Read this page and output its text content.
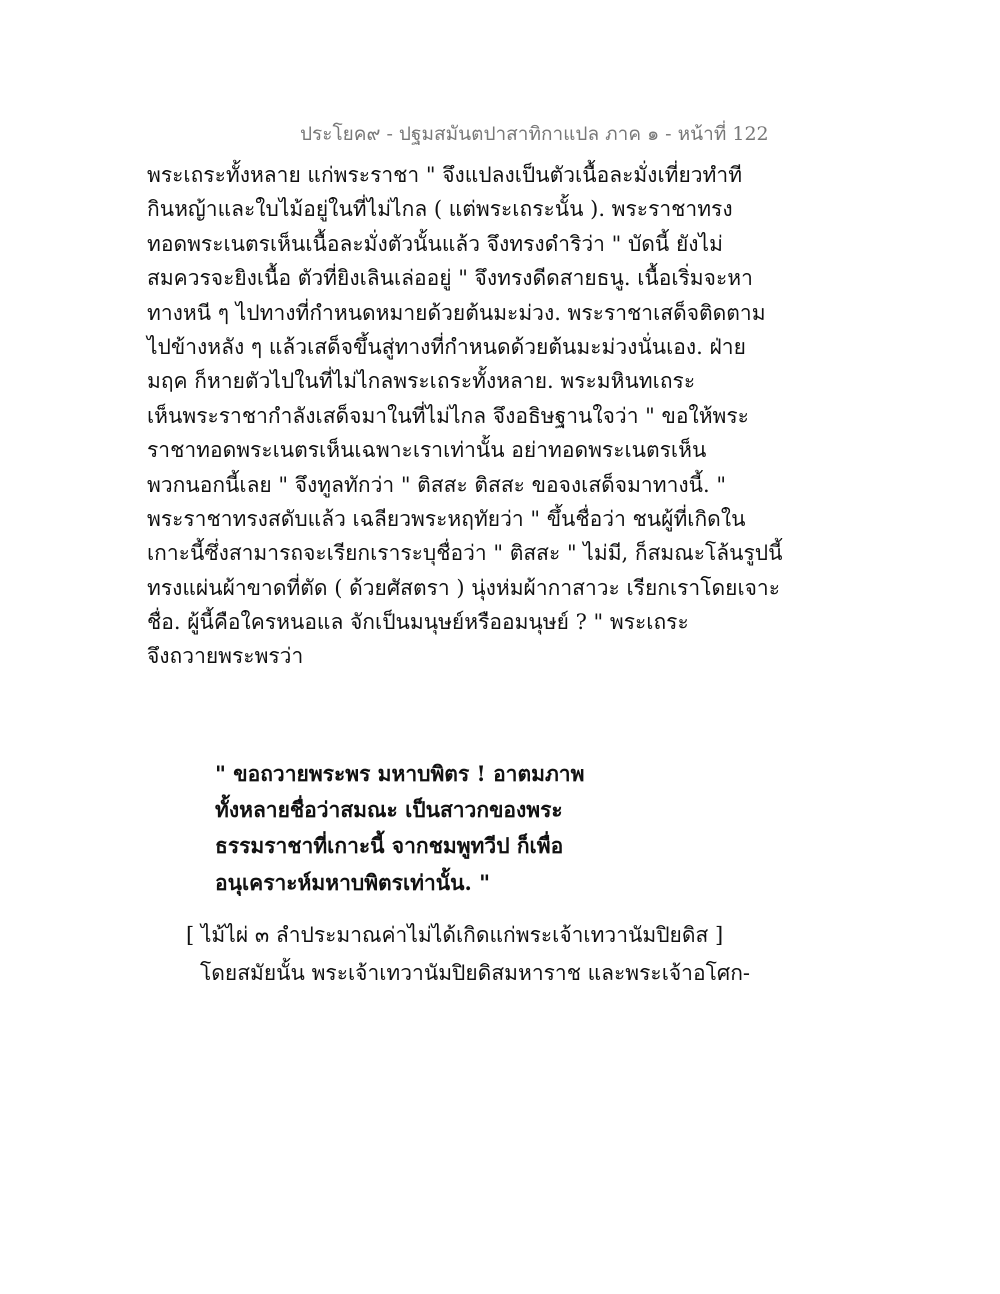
ประโยค๙ - ปฐมสมันตปาสาทิกาแปล ภาค ๑ - หน้าที่ 122
พระเถระทั้งหลาย แก่พระราชา " จึงแปลงเป็นตัวเนื้อละมั่งเที่ยวทำที
กินหญ้าและใบไม้อยู่ในที่ไม่ไกล ( แต่พระเถระนั้น ). พระราชาทรง
ทอดพระเนตรเห็นเนื้อละมั่งตัวนั้นแล้ว จึงทรงดำริว่า " บัดนี้ ยังไม่
สมควรจะยิงเนื้อ ตัวที่ยิงเลินเล่ออยู่ " จึงทรงดีดสายธนู. เนื้อเริ่มจะหา
ทางหนี ๆ ไปทางที่กำหนดหมายด้วยต้นมะม่วง. พระราชาเสด็จติดตาม
ไปข้างหลัง ๆ แล้วเสด็จขึ้นสู่ทางที่กำหนดด้วยต้นมะม่วงนั่นเอง. ฝ่าย
มฤค ก็หายตัวไปในที่ไม่ไกลพระเถระทั้งหลาย. พระมหินทเถระ
เห็นพระราชากำลังเสด็จมาในที่ไม่ไกล จึงอธิษฐานใจว่า " ขอให้พระ
ราชาทอดพระเนตรเห็นเฉพาะเราเท่านั้น อย่าทอดพระเนตรเห็น
พวกนอกนี้เลย " จึงทูลทักว่า " ติสสะ ติสสะ ขอจงเสด็จมาทางนี้. "
พระราชาทรงสดับแล้ว เฉลียวพระหฤทัยว่า " ขึ้นชื่อว่า ชนผู้ที่เกิดใน
เกาะนี้ซึ่งสามารถจะเรียกเราระบุชื่อว่า " ติสสะ " ไม่มี, ก็สมณะโล้นรูปนี้
ทรงแผ่นผ้าขาดที่ตัด ( ด้วยศัสตรา ) นุ่งห่มผ้ากาสาวะ เรียกเราโดยเจาะ
ชื่อ. ผู้นี้คือใครหนอแล จักเป็นมนุษย์หรืออมนุษย์ ? " พระเถระ
จึงถวายพระพรว่า
" ขอถวายพระพร มหาบพิตร ! อาตมภาพ
ทั้งหลายชื่อว่าสมณะ เป็นสาวกของพระ
ธรรมราชาที่เกาะนี้ จากชมพูทวีป ก็เพื่อ
อนุเคราะห์มหาบพิตรเท่านั้น. "
[ ไม้ไผ่ ๓ ลำประมาณค่าไม่ได้เกิดแก่พระเจ้าเทวานัมปิยดิส ]
โดยสมัยนั้น พระเจ้าเทวานัมปิยดิสมหาราช และพระเจ้าอโศก-
